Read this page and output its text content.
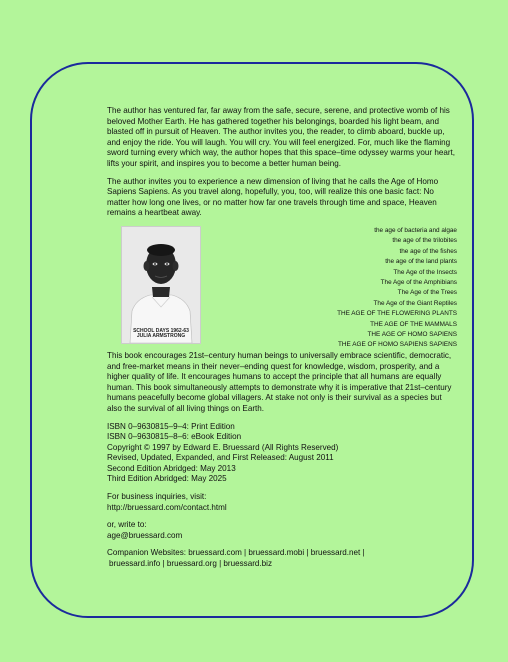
The author has ventured far, far away from the safe, secure, serene, and protective womb of his beloved Mother Earth. He has gathered together his belongings, boarded his light beam, and blasted off in pursuit of Heaven. The author invites you, the reader, to climb aboard, buckle up, and enjoy the ride. You will laugh. You will cry. You will feel energized. For, much like the flaming sword turning every which way, the author hopes that this space–time odyssey warms your heart, lifts your spirit, and inspires you to become a better human being.

The author invites you to experience a new dimension of living that he calls the Age of Homo Sapiens Sapiens. As you travel along, hopefully, you, too, will realize this one basic fact: No matter how long one lives, or no matter how far one travels through time and space, Heaven remains a heartbeat away.

SCHOOL DAYS 1962-63
JULIA ARMSTRONG
the age of bacteria and algae
the age of the trilobites
the age of the fishes
the age of the land plants
The Age of the Insects
The Age of the Amphibians
The Age of the Trees
The Age of the Giant Reptiles
THE AGE OF THE FLOWERING PLANTS
THE AGE OF THE MAMMALS
THE AGE OF HOMO SAPIENS
THE AGE OF HOMO SAPIENS SAPIENS

This book encourages 21st–century human beings to universally embrace scientific, democratic, and free-market means in their never–ending quest for knowledge, wisdom, prosperity, and a higher quality of life. It encourages humans to accept the principle that all humans are equally human. This book simultaneously attempts to demonstrate why it is imperative that 21st–century humans peacefully become global villagers. At stake not only is their survival as a species but also the survival of all living things on Earth.

ISBN 0–9630815–9–4: Print Edition
ISBN 0–9630815–8–6: eBook Edition
Copyright © 1997 by Edward E. Bruessard (All Rights Reserved)
Revised, Updated, Expanded, and First Released: August 2011
Second Edition Abridged: May 2013
Third Edition Abridged: May 2025
For business inquiries, visit:
http://bruessard.com/contact.html
or, write to:
age@bruessard.com
Companion Websites: bruessard.com | bruessard.mobi | bruessard.net |
bruessard.info | bruessard.org | bruessard.biz
